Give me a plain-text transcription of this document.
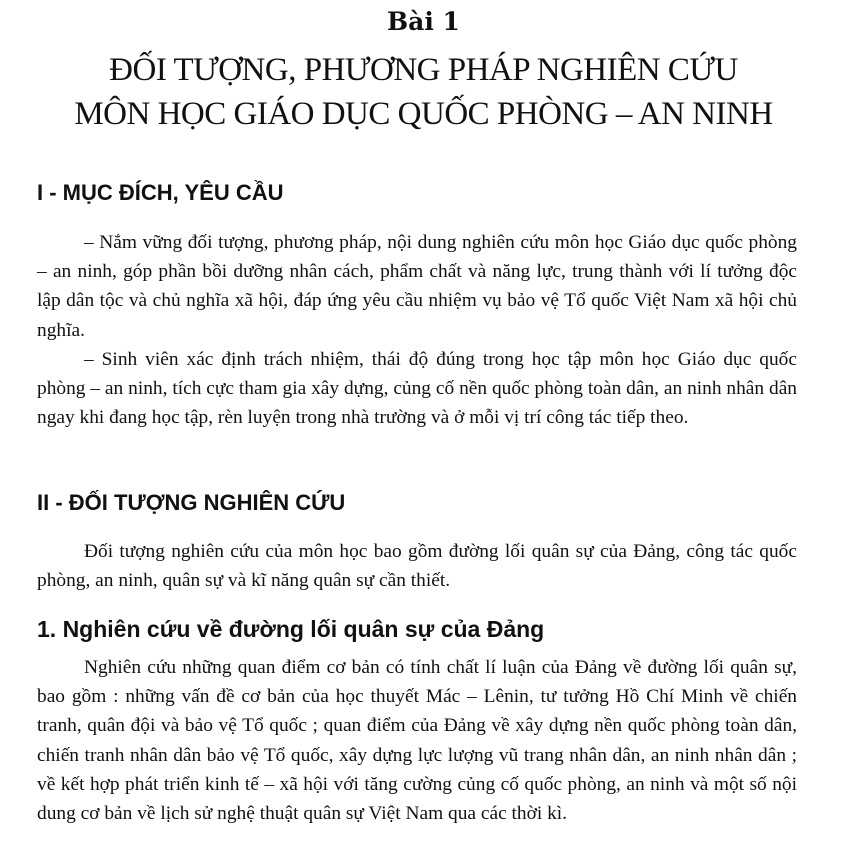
Bài 1
ĐỐI TƯỢNG, PHƯƠNG PHÁP NGHIÊN CỨU
MÔN HỌC GIÁO DỤC QUỐC PHÒNG – AN NINH
I - MỤC ĐÍCH, YÊU CẦU

– Nắm vững đối tượng, phương pháp, nội dung nghiên cứu môn học Giáo dục quốc phòng – an ninh, góp phần bồi dưỡng nhân cách, phẩm chất và năng lực, trung thành với lí tưởng độc lập dân tộc và chủ nghĩa xã hội, đáp ứng yêu cầu nhiệm vụ bảo vệ Tổ quốc Việt Nam xã hội chủ nghĩa.

– Sinh viên xác định trách nhiệm, thái độ đúng trong học tập môn học Giáo dục quốc phòng – an ninh, tích cực tham gia xây dựng, củng cố nền quốc phòng toàn dân, an ninh nhân dân ngay khi đang học tập, rèn luyện trong nhà trường và ở mỗi vị trí công tác tiếp theo.

II - ĐỐI TƯỢNG NGHIÊN CỨU

Đối tượng nghiên cứu của môn học bao gồm đường lối quân sự của Đảng, công tác quốc phòng, an ninh, quân sự và kĩ năng quân sự cần thiết.

1. Nghiên cứu về đường lối quân sự của Đảng

Nghiên cứu những quan điểm cơ bản có tính chất lí luận của Đảng về đường lối quân sự, bao gồm : những vấn đề cơ bản của học thuyết Mác – Lênin, tư tưởng Hồ Chí Minh về chiến tranh, quân đội và bảo vệ Tổ quốc ; quan điểm của Đảng về xây dựng nền quốc phòng toàn dân, chiến tranh nhân dân bảo vệ Tổ quốc, xây dựng lực lượng vũ trang nhân dân, an ninh nhân dân ; về kết hợp phát triển kinh tế – xã hội với tăng cường củng cố quốc phòng, an ninh và một số nội dung cơ bản về lịch sử nghệ thuật quân sự Việt Nam qua các thời kì.
